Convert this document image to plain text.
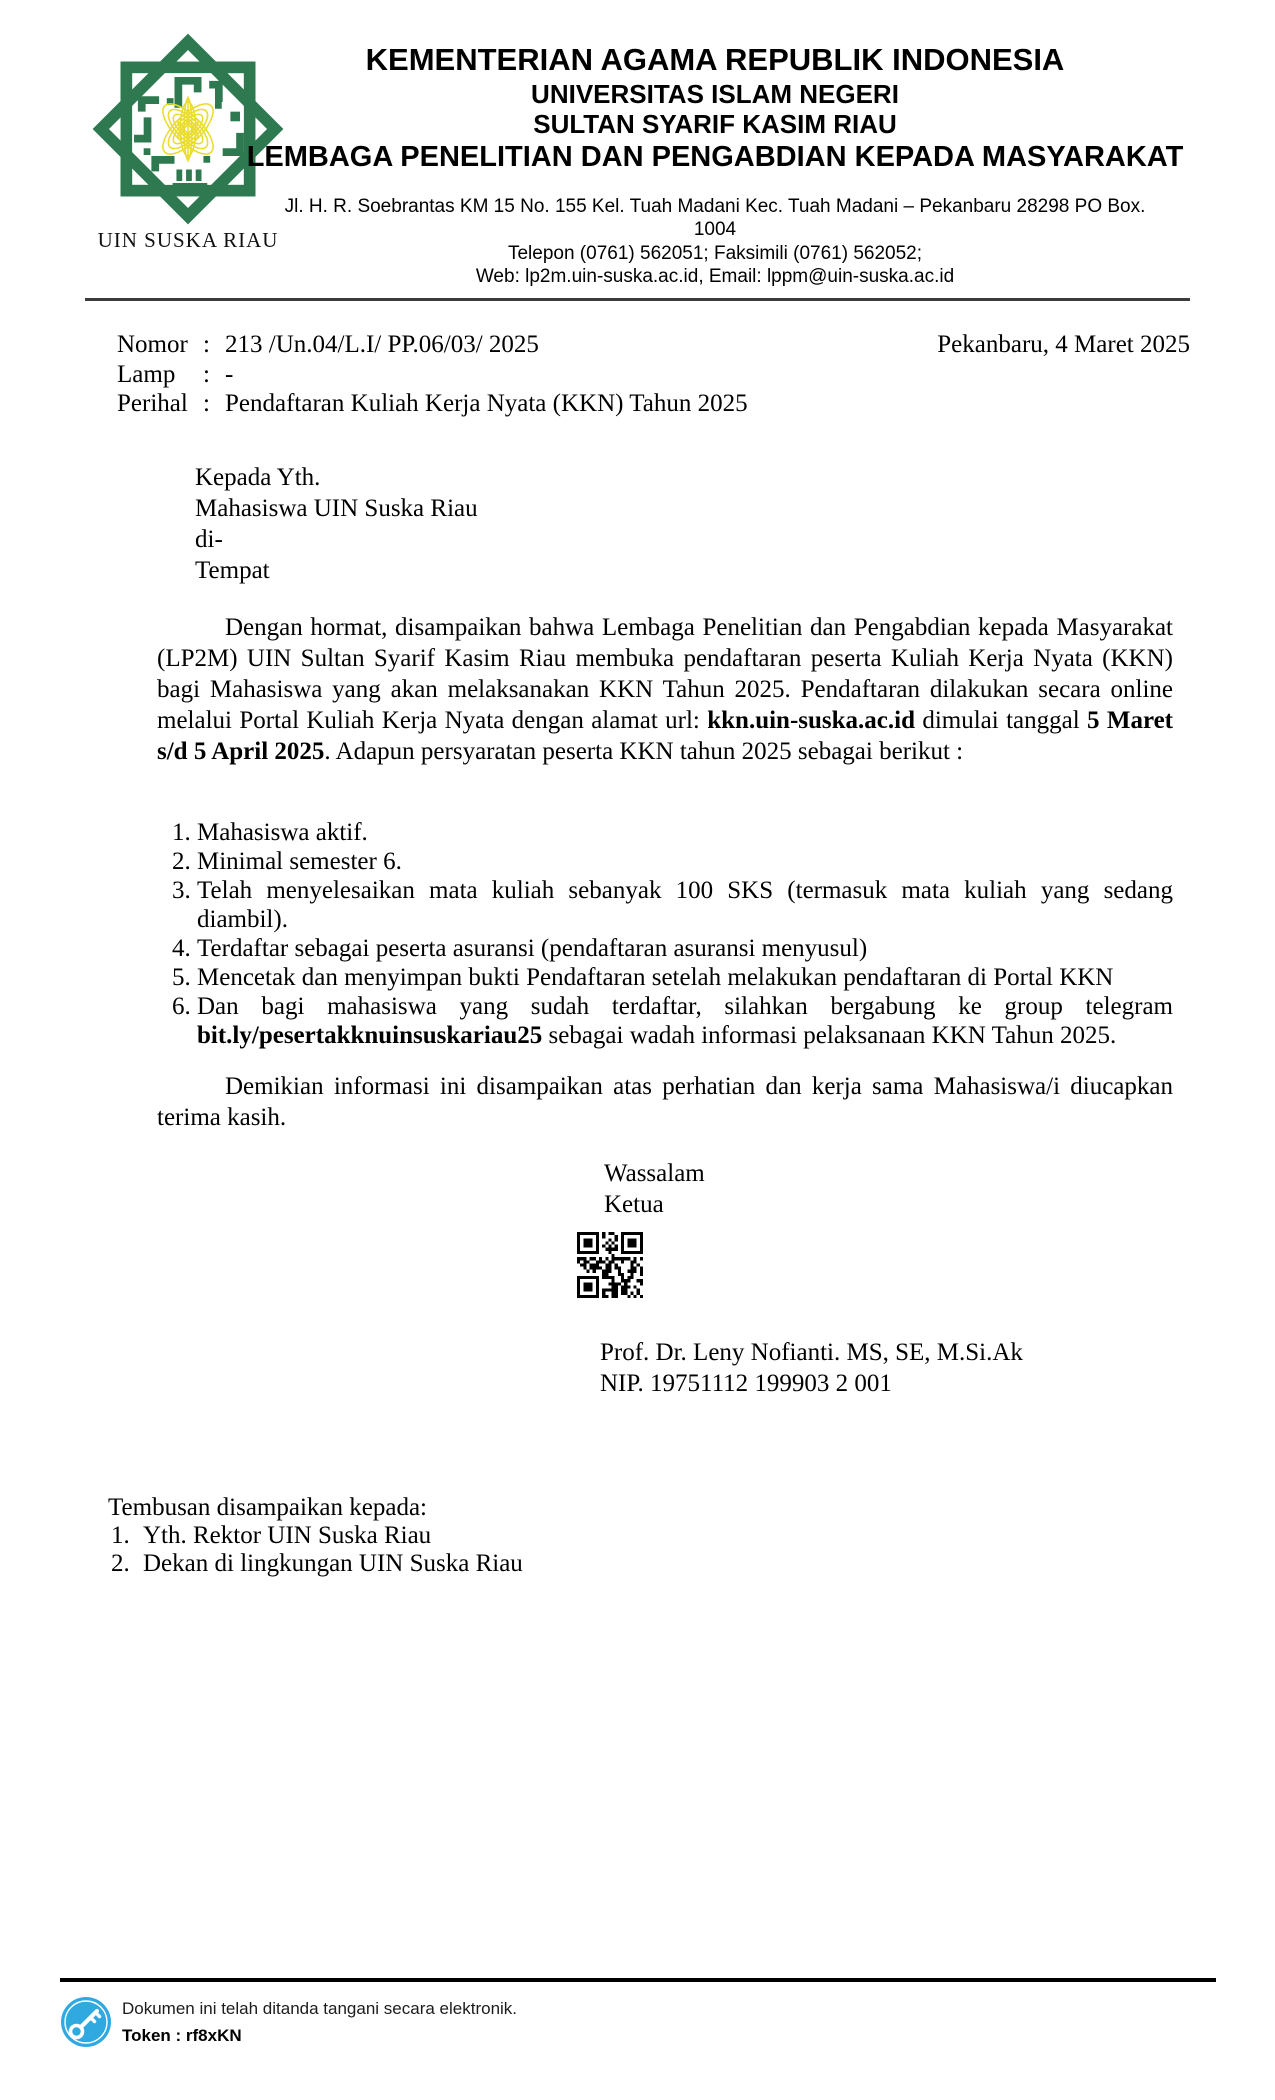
UIN SUSKA RIAU
KEMENTERIAN AGAMA REPUBLIK INDONESIA
UNIVERSITAS ISLAM NEGERI
SULTAN SYARIF KASIM RIAU
LEMBAGA PENELITIAN DAN PENGABDIAN KEPADA MASYARAKAT
Jl. H. R. Soebrantas KM 15 No. 155 Kel. Tuah Madani Kec. Tuah Madani – Pekanbaru 28298 PO Box.
1004
Telepon (0761) 562051; Faksimili (0761) 562052;
Web: lp2m.uin-suska.ac.id, Email: lppm@uin-suska.ac.id
Nomor : 213 /Un.04/L.I/ PP.06/03/ 2025
Lamp	: -
Perihal : Pendaftaran Kuliah Kerja Nyata (KKN) Tahun 2025
Pekanbaru, 4 Maret 2025
Kepada Yth.
Mahasiswa UIN Suska Riau
di-
Tempat
Dengan hormat, disampaikan bahwa Lembaga Penelitian dan Pengabdian kepada Masyarakat (LP2M) UIN Sultan Syarif Kasim Riau membuka pendaftaran peserta Kuliah Kerja Nyata (KKN) bagi Mahasiswa yang akan melaksanakan KKN Tahun 2025. Pendaftaran dilakukan secara online melalui Portal Kuliah Kerja Nyata dengan alamat url: kkn.uin-suska.ac.id dimulai tanggal 5 Maret s/d 5 April 2025. Adapun persyaratan peserta KKN tahun 2025 sebagai berikut :
1. Mahasiswa aktif.
2. Minimal semester 6.
3. Telah menyelesaikan mata kuliah sebanyak 100 SKS (termasuk mata kuliah yang sedang diambil).
4. Terdaftar sebagai peserta asuransi (pendaftaran asuransi menyusul)
5. Mencetak dan menyimpan bukti Pendaftaran setelah melakukan pendaftaran di Portal KKN
6. Dan bagi mahasiswa yang sudah terdaftar, silahkan bergabung ke group telegram bit.ly/pesertakknuinsuskariau25 sebagai wadah informasi pelaksanaan KKN Tahun 2025.
Demikian informasi ini disampaikan atas perhatian dan kerja sama Mahasiswa/i diucapkan terima kasih.
Wassalam
Ketua
Prof. Dr. Leny Nofianti. MS, SE, M.Si.Ak
NIP. 19751112 199903 2 001
Tembusan disampaikan kepada:
1. Yth. Rektor UIN Suska Riau
2. Dekan di lingkungan UIN Suska Riau
Dokumen ini telah ditanda tangani secara elektronik.
Token : rf8xKN
